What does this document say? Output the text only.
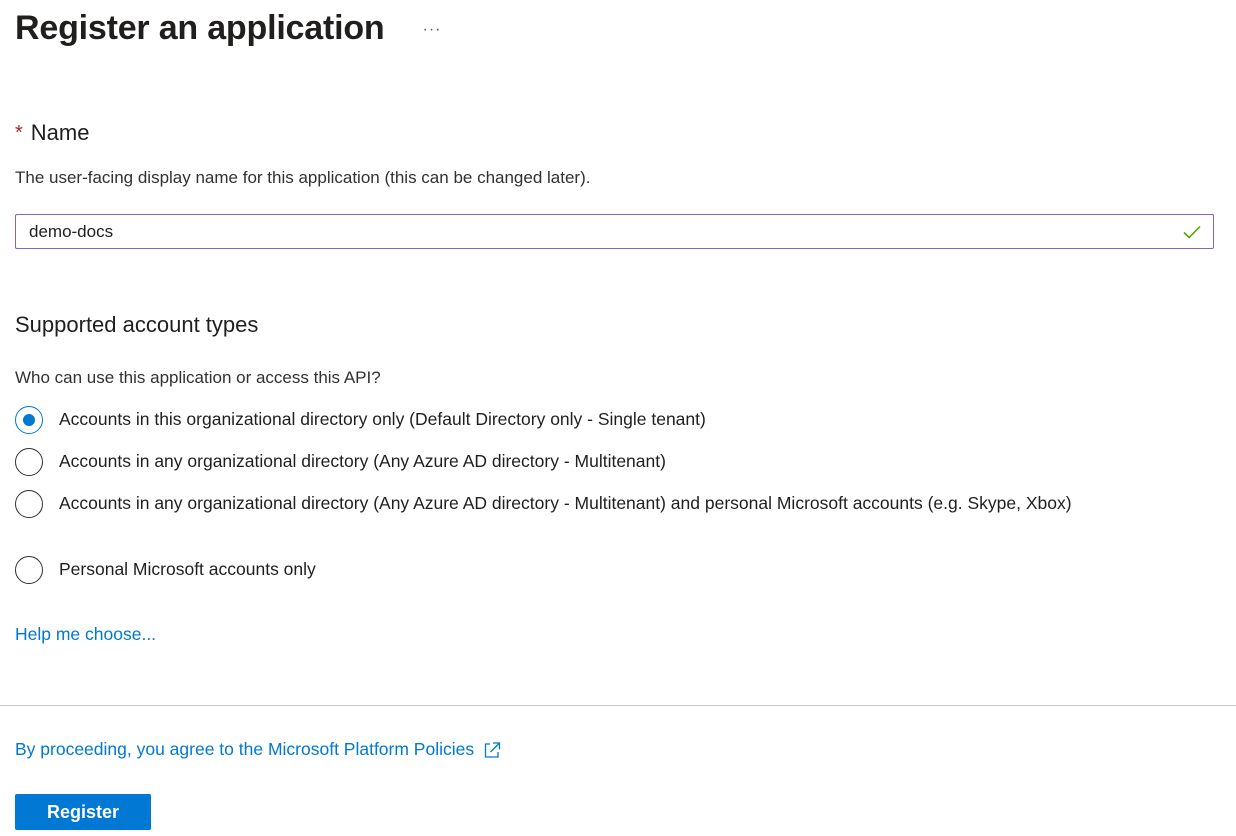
Register an application ···
* Name
The user-facing display name for this application (this can be changed later).
demo-docs
Supported account types
Who can use this application or access this API?
Accounts in this organizational directory only (Default Directory only - Single tenant)
Accounts in any organizational directory (Any Azure AD directory - Multitenant)
Accounts in any organizational directory (Any Azure AD directory - Multitenant) and personal Microsoft accounts (e.g. Skype, Xbox)
Personal Microsoft accounts only
Help me choose...
By proceeding, you agree to the Microsoft Platform Policies
Register
